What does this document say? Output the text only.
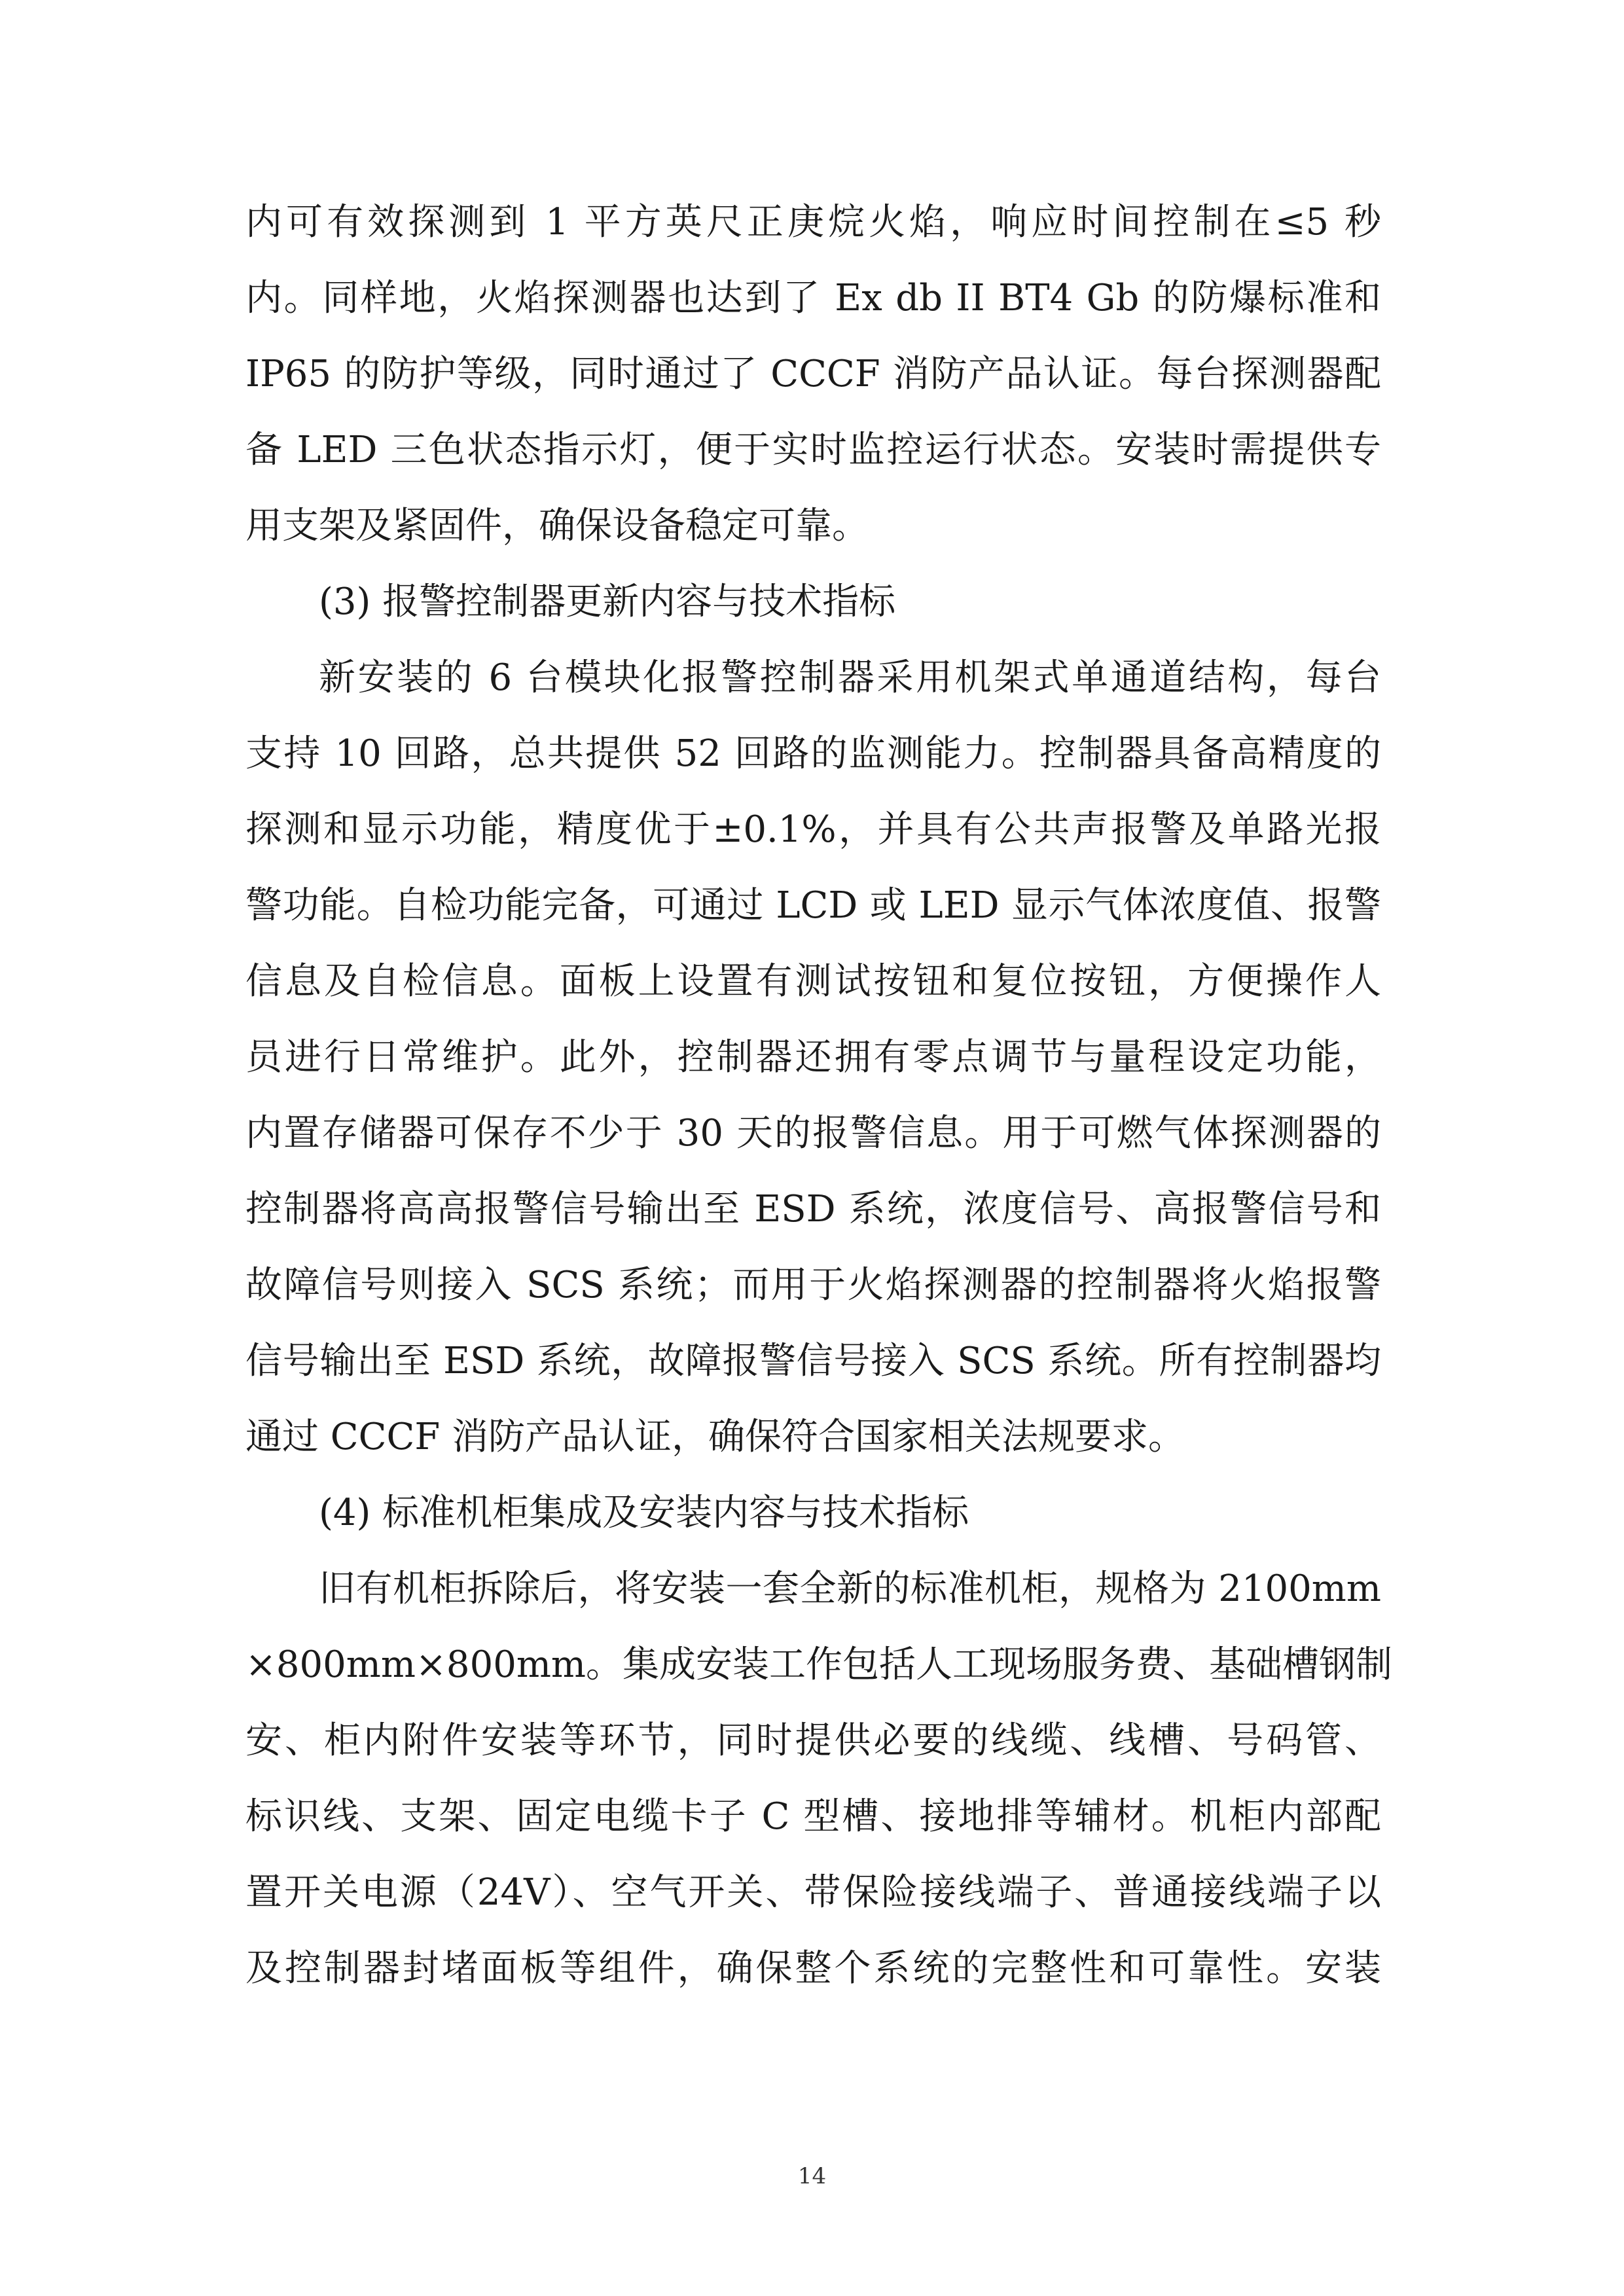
内可有效探测到 1 平方英尺正庚烷火焰，响应时间控制在≤5 秒
内。同样地，火焰探测器也达到了 Ex db II BT4 Gb 的防爆标准和
IP65 的防护等级，同时通过了 CCCF 消防产品认证。每台探测器配
备 LED 三色状态指示灯，便于实时监控运行状态。安装时需提供专
用支架及紧固件，确保设备稳定可靠。
(3) 报警控制器更新内容与技术指标
新安装的 6 台模块化报警控制器采用机架式单通道结构，每台
支持 10 回路，总共提供 52 回路的监测能力。控制器具备高精度的
探测和显示功能，精度优于±0.1%，并具有公共声报警及单路光报
警功能。自检功能完备，可通过 LCD 或 LED 显示气体浓度值、报警
信息及自检信息。面板上设置有测试按钮和复位按钮，方便操作人
员进行日常维护。此外，控制器还拥有零点调节与量程设定功能，
内置存储器可保存不少于 30 天的报警信息。用于可燃气体探测器的
控制器将高高报警信号输出至 ESD 系统，浓度信号、高报警信号和
故障信号则接入 SCS 系统；而用于火焰探测器的控制器将火焰报警
信号输出至 ESD 系统，故障报警信号接入 SCS 系统。所有控制器均
通过 CCCF 消防产品认证，确保符合国家相关法规要求。
(4) 标准机柜集成及安装内容与技术指标
旧有机柜拆除后，将安装一套全新的标准机柜，规格为 2100mm
×800mm×800mm。集成安装工作包括人工现场服务费、基础槽钢制
安、柜内附件安装等环节，同时提供必要的线缆、线槽、号码管、
标识线、支架、固定电缆卡子 C 型槽、接地排等辅材。机柜内部配
置开关电源（24V）、空气开关、带保险接线端子、普通接线端子以
及控制器封堵面板等组件，确保整个系统的完整性和可靠性。安装
14
